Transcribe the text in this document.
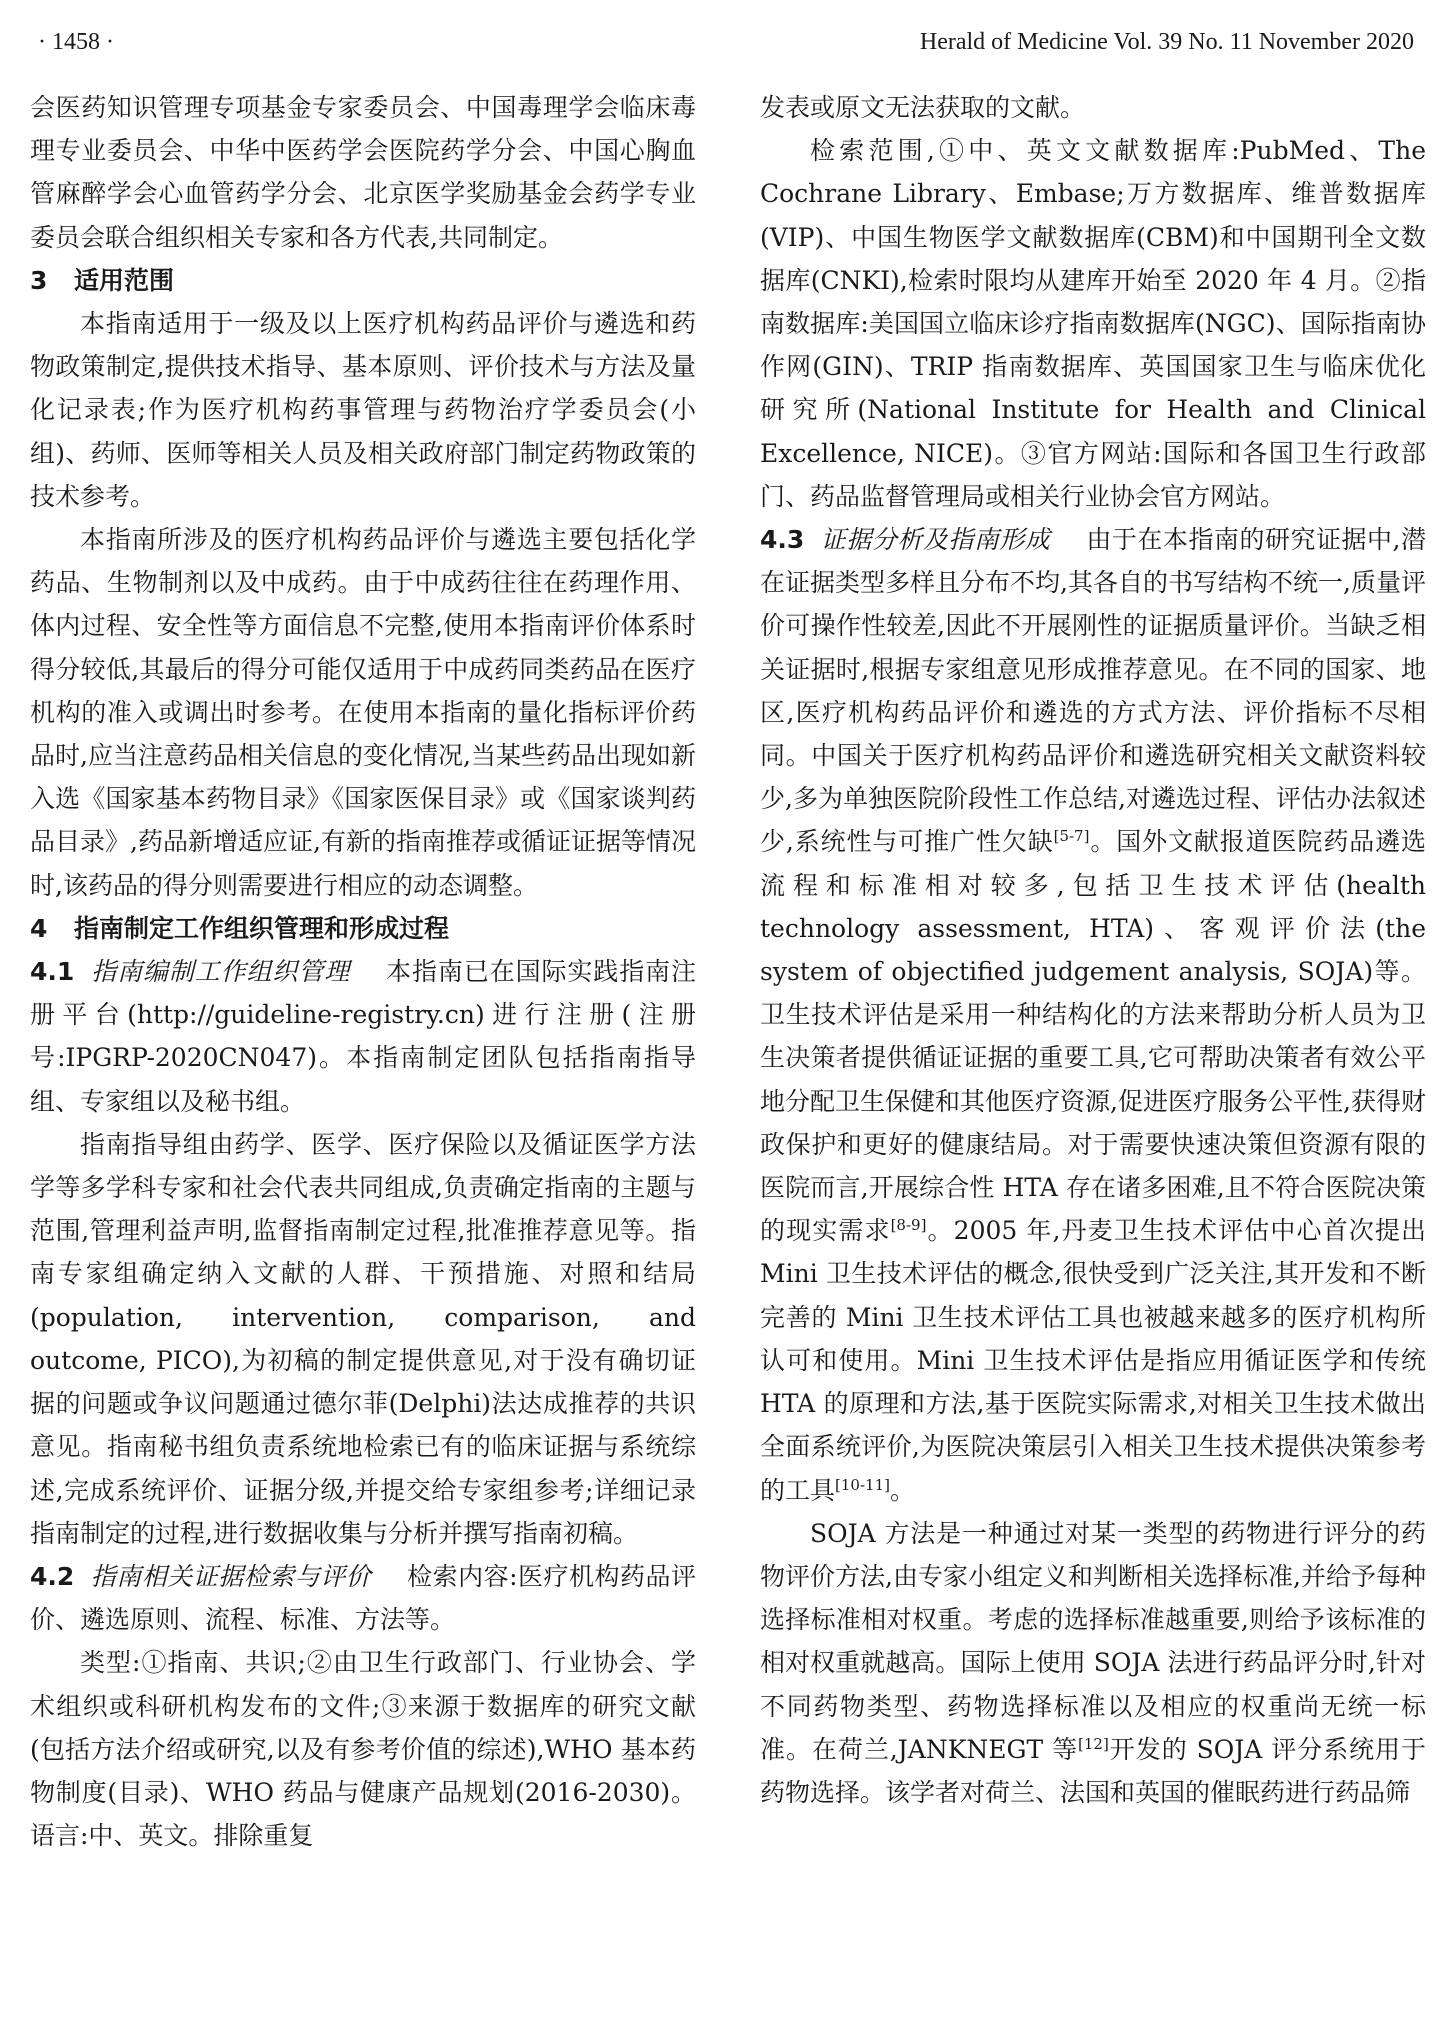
· 1458 ·	Herald of Medicine Vol. 39 No. 11 November 2020

会医药知识管理专项基金专家委员会、中国毒理学会临床毒理专业委员会、中华中医药学会医院药学分会、中国心胸血管麻醉学会心血管药学分会、北京医学奖励基金会药学专业委员会联合组织相关专家和各方代表,共同制定。

3 适用范围

本指南适用于一级及以上医疗机构药品评价与遴选和药物政策制定,提供技术指导、基本原则、评价技术与方法及量化记录表;作为医疗机构药事管理与药物治疗学委员会(小组)、药师、医师等相关人员及相关政府部门制定药物政策的技术参考。

本指南所涉及的医疗机构药品评价与遴选主要包括化学药品、生物制剂以及中成药。由于中成药往往在药理作用、体内过程、安全性等方面信息不完整,使用本指南评价体系时得分较低,其最后的得分可能仅适用于中成药同类药品在医疗机构的准入或调出时参考。在使用本指南的量化指标评价药品时,应当注意药品相关信息的变化情况,当某些药品出现如新入选《国家基本药物目录》《国家医保目录》或《国家谈判药品目录》,药品新增适应证,有新的指南推荐或循证证据等情况时,该药品的得分则需要进行相应的动态调整。

4 指南制定工作组织管理和形成过程

4.1 指南编制工作组织管理 本指南已在国际实践指南注册平台(http://guideline-registry.cn)进行注册(注册号:IPGRP-2020CN047)。本指南制定团队包括指南指导组、专家组以及秘书组。

指南指导组由药学、医学、医疗保险以及循证医学方法学等多学科专家和社会代表共同组成,负责确定指南的主题与范围,管理利益声明,监督指南制定过程,批准推荐意见等。指南专家组确定纳入文献的人群、干预措施、对照和结局(population, intervention, comparison, and outcome, PICO),为初稿的制定提供意见,对于没有确切证据的问题或争议问题通过德尔菲(Delphi)法达成推荐的共识意见。指南秘书组负责系统地检索已有的临床证据与系统综述,完成系统评价、证据分级,并提交给专家组参考;详细记录指南制定的过程,进行数据收集与分析并撰写指南初稿。

4.2 指南相关证据检索与评价 检索内容:医疗机构药品评价、遴选原则、流程、标准、方法等。

类型:①指南、共识;②由卫生行政部门、行业协会、学术组织或科研机构发布的文件;③来源于数据库的研究文献(包括方法介绍或研究,以及有参考价值的综述),WHO 基本药物制度(目录)、WHO 药品与健康产品规划(2016-2030)。语言:中、英文。排除重复

发表或原文无法获取的文献。

检索范围,①中、英文文献数据库:PubMed、The Cochrane Library、Embase;万方数据库、维普数据库(VIP)、中国生物医学文献数据库(CBM)和中国期刊全文数据库(CNKI),检索时限均从建库开始至 2020 年 4 月。②指南数据库:美国国立临床诊疗指南数据库(NGC)、国际指南协作网(GIN)、TRIP 指南数据库、英国国家卫生与临床优化研究所(National Institute for Health and Clinical Excellence, NICE)。③官方网站:国际和各国卫生行政部门、药品监督管理局或相关行业协会官方网站。

4.3 证据分析及指南形成 由于在本指南的研究证据中,潜在证据类型多样且分布不均,其各自的书写结构不统一,质量评价可操作性较差,因此不开展刚性的证据质量评价。当缺乏相关证据时,根据专家组意见形成推荐意见。在不同的国家、地区,医疗机构药品评价和遴选的方式方法、评价指标不尽相同。中国关于医疗机构药品评价和遴选研究相关文献资料较少,多为单独医院阶段性工作总结,对遴选过程、评估办法叙述少,系统性与可推广性欠缺[5-7]。国外文献报道医院药品遴选流程和标准相对较多,包括卫生技术评估(health technology assessment, HTA)、客观评价法(the system of objectified judgement analysis, SOJA)等。卫生技术评估是采用一种结构化的方法来帮助分析人员为卫生决策者提供循证证据的重要工具,它可帮助决策者有效公平地分配卫生保健和其他医疗资源,促进医疗服务公平性,获得财政保护和更好的健康结局。对于需要快速决策但资源有限的医院而言,开展综合性 HTA 存在诸多困难,且不符合医院决策的现实需求[8-9]。2005 年,丹麦卫生技术评估中心首次提出 Mini 卫生技术评估的概念,很快受到广泛关注,其开发和不断完善的 Mini 卫生技术评估工具也被越来越多的医疗机构所认可和使用。Mini 卫生技术评估是指应用循证医学和传统 HTA 的原理和方法,基于医院实际需求,对相关卫生技术做出全面系统评价,为医院决策层引入相关卫生技术提供决策参考的工具[10-11]。

SOJA 方法是一种通过对某一类型的药物进行评分的药物评价方法,由专家小组定义和判断相关选择标准,并给予每种选择标准相对权重。考虑的选择标准越重要,则给予该标准的相对权重就越高。国际上使用 SOJA 法进行药品评分时,针对不同药物类型、药物选择标准以及相应的权重尚无统一标准。在荷兰,JANKNEGT 等[12]开发的 SOJA 评分系统用于药物选择。该学者对荷兰、法国和英国的催眠药进行药品筛
